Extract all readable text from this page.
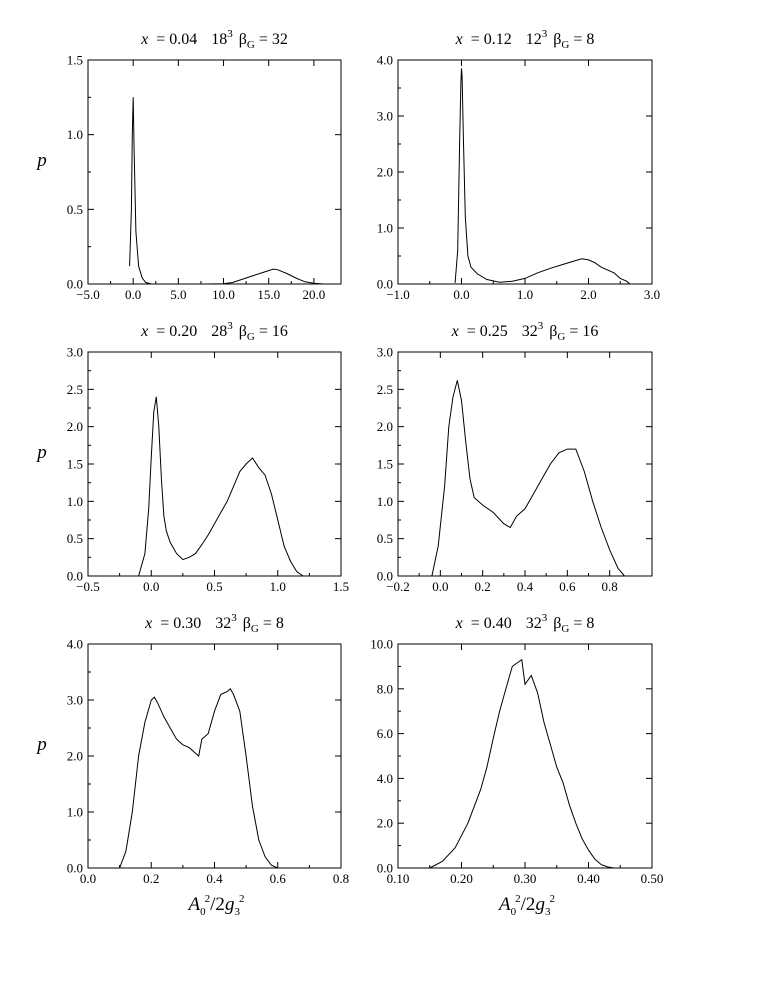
−5.0 0.0 5.0 10.0 15.0 20.0
0.0
0.5
1.0
1.5
x = 0.04 $18^3$ $\beta_G = 32$
p
−1.0	0.0	1.0	2.0	3.0
0.0
1.0
2.0
3.0
4.0
x = 0.12 $12^3$ $\beta_G = 8$
−0.5	0.0	0.5	1.0	1.5
0.0
0.5
1.0
1.5
2.0
2.5
3.0
x = 0.20 $28^3$ $\beta_G = 16$
p
−0.2 0.0 0.2 0.4 0.6 0.8
0.0
0.5
1.0
1.5
2.0
2.5
3.0
x = 0.25 $32^3$ $\beta_G = 16$
0.0	0.2	0.4	0.6	0.8
0.0
1.0
2.0
3.0
4.0
x = 0.30 $32^3$ $\beta_G = 8$
p
$A_02/2g_32$
0.10	0.20	0.30	0.40	0.50
0.0
2.0
4.0
6.0
8.0
10.0
x = 0.40 $32^3$ $\beta_G = 8$
$A_02/2g_32$
